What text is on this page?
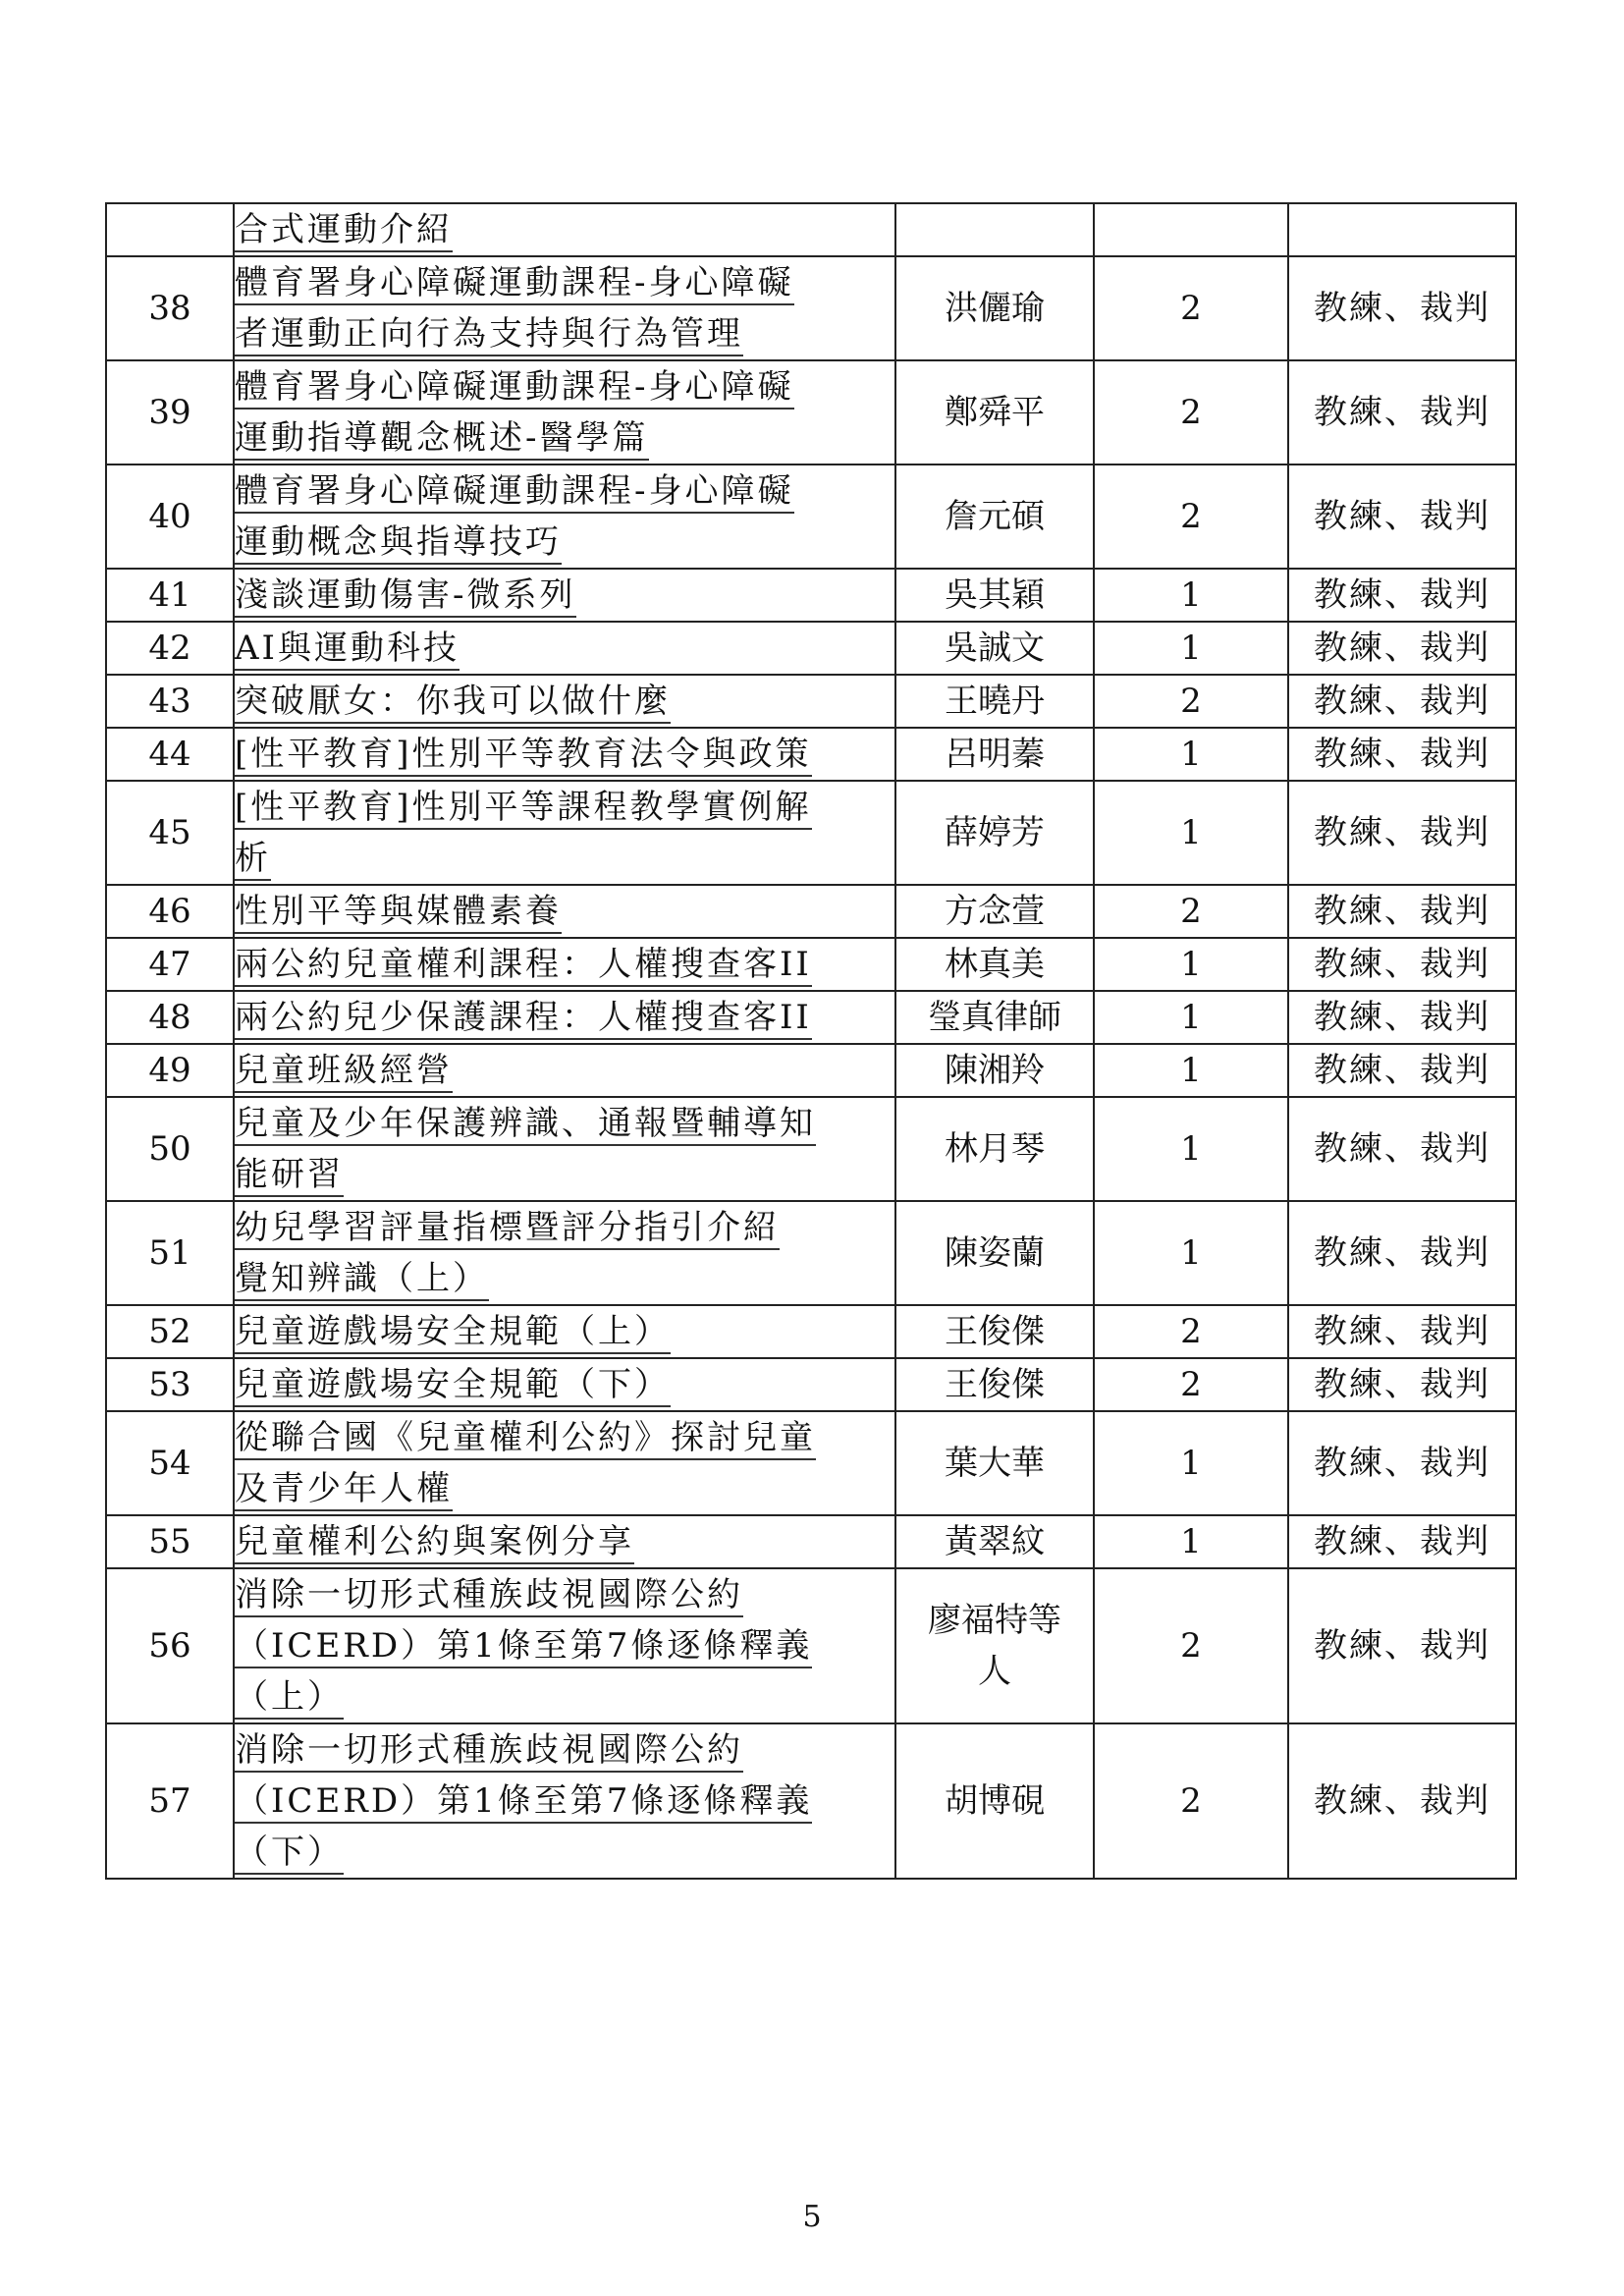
	合式運動介紹			

38	體育署身心障礙運動課程-身心障礙
者運動正向行為支持與行為管理	洪儷瑜	2	教練、裁判
39	體育署身心障礙運動課程-身心障礙
運動指導觀念概述-醫學篇	鄭舜平	2	教練、裁判
40	體育署身心障礙運動課程-身心障礙
運動概念與指導技巧	詹元碩	2	教練、裁判
41	淺談運動傷害-微系列	吳其穎	1	教練、裁判
42	AI與運動科技	吳誠文	1	教練、裁判
43	突破厭女：你我可以做什麼	王曉丹	2	教練、裁判
44	[性平教育]性別平等教育法令與政策	呂明蓁	1	教練、裁判
45	[性平教育]性別平等課程教學實例解
析	薛婷芳	1	教練、裁判
46	性別平等與媒體素養	方念萱	2	教練、裁判
47	兩公約兒童權利課程：人權搜查客II	林真美	1	教練、裁判
48	兩公約兒少保護課程：人權搜查客II	瑩真律師	1	教練、裁判
49	兒童班級經營	陳湘羚	1	教練、裁判
50	兒童及少年保護辨識、通報暨輔導知
能研習	林月琴	1	教練、裁判
51	幼兒學習評量指標暨評分指引介紹
覺知辨識（上）	陳姿蘭	1	教練、裁判
52	兒童遊戲場安全規範（上）	王俊傑	2	教練、裁判
53	兒童遊戲場安全規範（下）	王俊傑	2	教練、裁判
54	從聯合國《兒童權利公約》探討兒童
及青少年人權	葉大華	1	教練、裁判
55	兒童權利公約與案例分享	黃翠紋	1	教練、裁判
56	消除一切形式種族歧視國際公約
（ICERD）第1條至第7條逐條釋義
（上）	廖福特等
人	2	教練、裁判
57	消除一切形式種族歧視國際公約
（ICERD）第1條至第7條逐條釋義
（下）	胡博硯	2	教練、裁判
5
